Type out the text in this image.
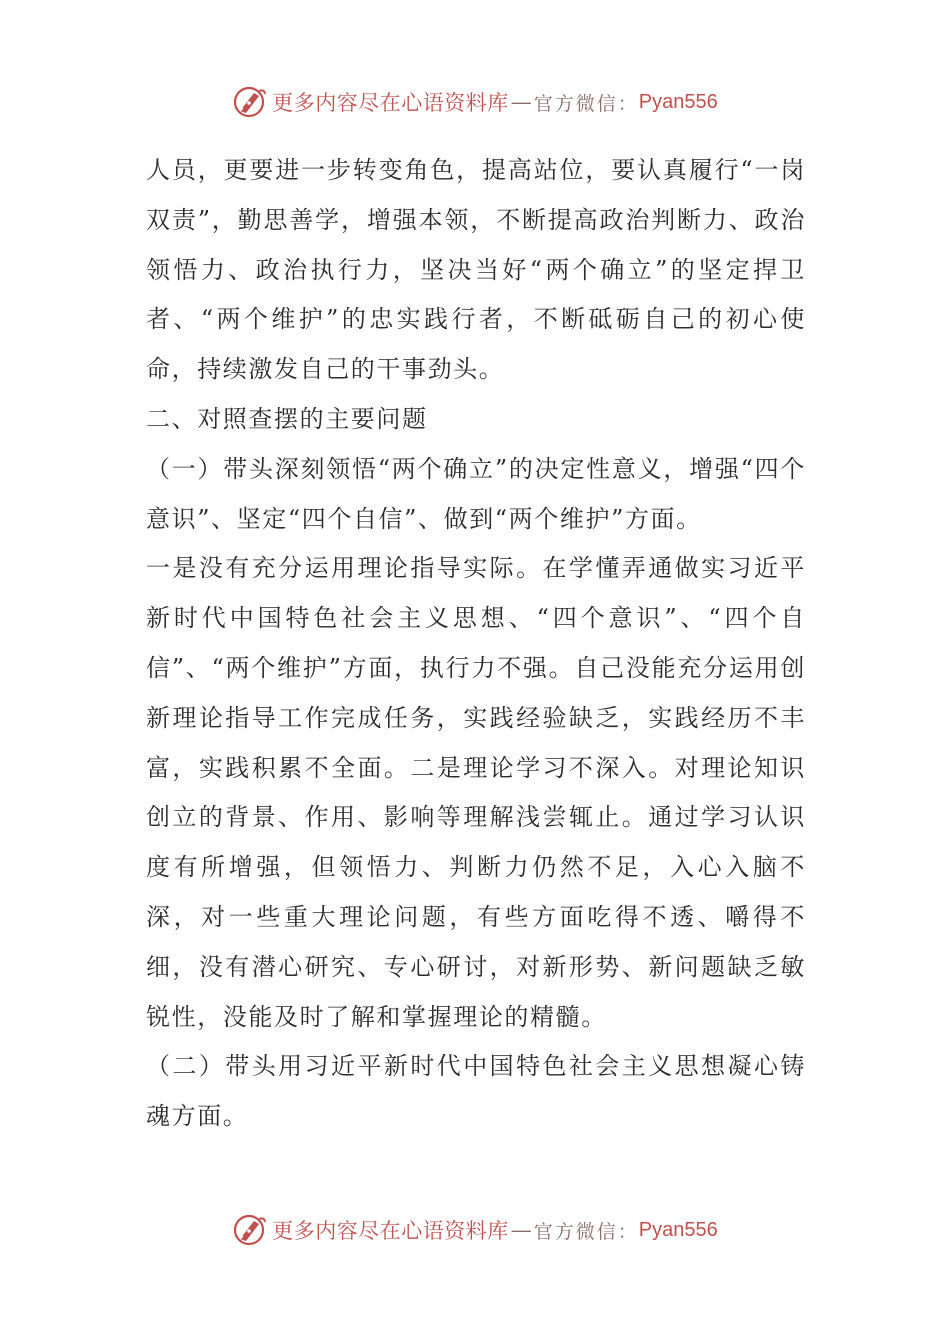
更多内容尽在心语资料库 — 官方微信： Pyan556

人员，更要进一步转变角色，提高站位，要认真履行“一岗双责”，勤思善学，增强本领，不断提高政治判断力、政治领悟力、政治执行力，坚决当好“两个确立”的坚定捍卫者、“两个维护”的忠实践行者，不断砥砺自己的初心使命，持续激发自己的干事劲头。

二、对照查摆的主要问题

（一）带头深刻领悟“两个确立”的决定性意义，增强“四个意识”、坚定“四个自信”、做到“两个维护”方面。

一是没有充分运用理论指导实际。在学懂弄通做实习近平新时代中国特色社会主义思想、“四个意识”、“四个自信”、“两个维护”方面，执行力不强。自己没能充分运用创新理论指导工作完成任务，实践经验缺乏，实践经历不丰富，实践积累不全面。二是理论学习不深入。对理论知识创立的背景、作用、影响等理解浅尝辄止。通过学习认识度有所增强，但领悟力、判断力仍然不足，入心入脑不深，对一些重大理论问题，有些方面吃得不透、嚼得不细，没有潜心研究、专心研讨，对新形势、新问题缺乏敏锐性，没能及时了解和掌握理论的精髓。

（二）带头用习近平新时代中国特色社会主义思想凝心铸魂方面。

更多内容尽在心语资料库 — 官方微信： Pyan556
